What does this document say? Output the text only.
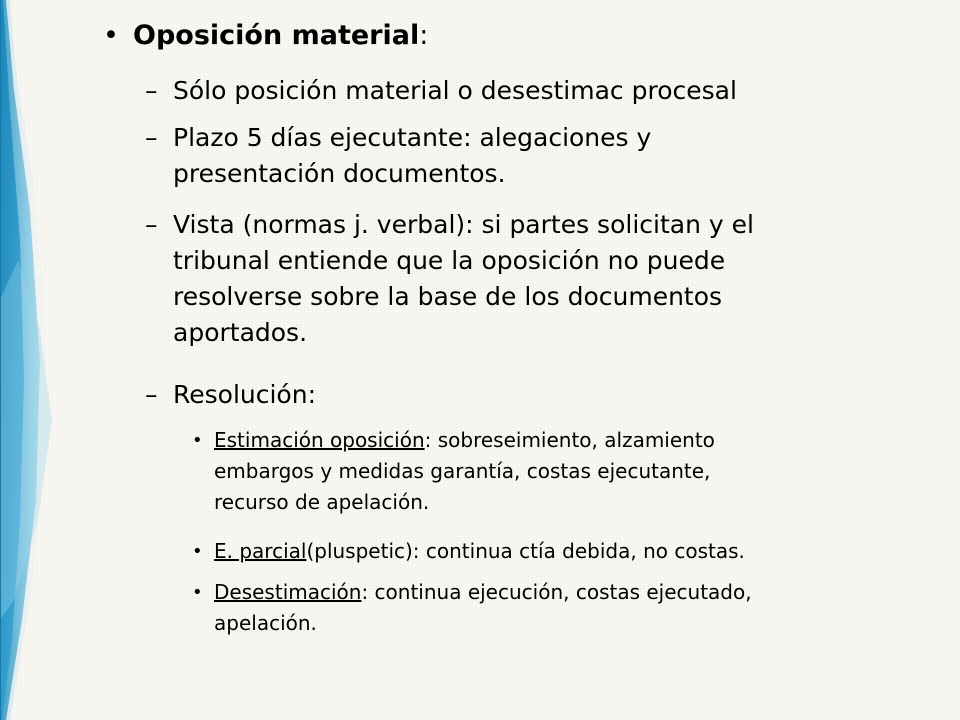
• Oposición material:
– Sólo posición material o desestimac procesal
– Plazo 5 días ejecutante: alegaciones y
presentación documentos.
– Vista (normas j. verbal): si partes solicitan y el
tribunal entiende que la oposición no puede
resolverse sobre la base de los documentos
aportados.
– Resolución:
• Estimación oposición: sobreseimiento, alzamiento
embargos y medidas garantía, costas ejecutante,
recurso de apelación.
• E. parcial(pluspetic): continua ctía debida, no costas.
• Desestimación: continua ejecución, costas ejecutado,
apelación.
